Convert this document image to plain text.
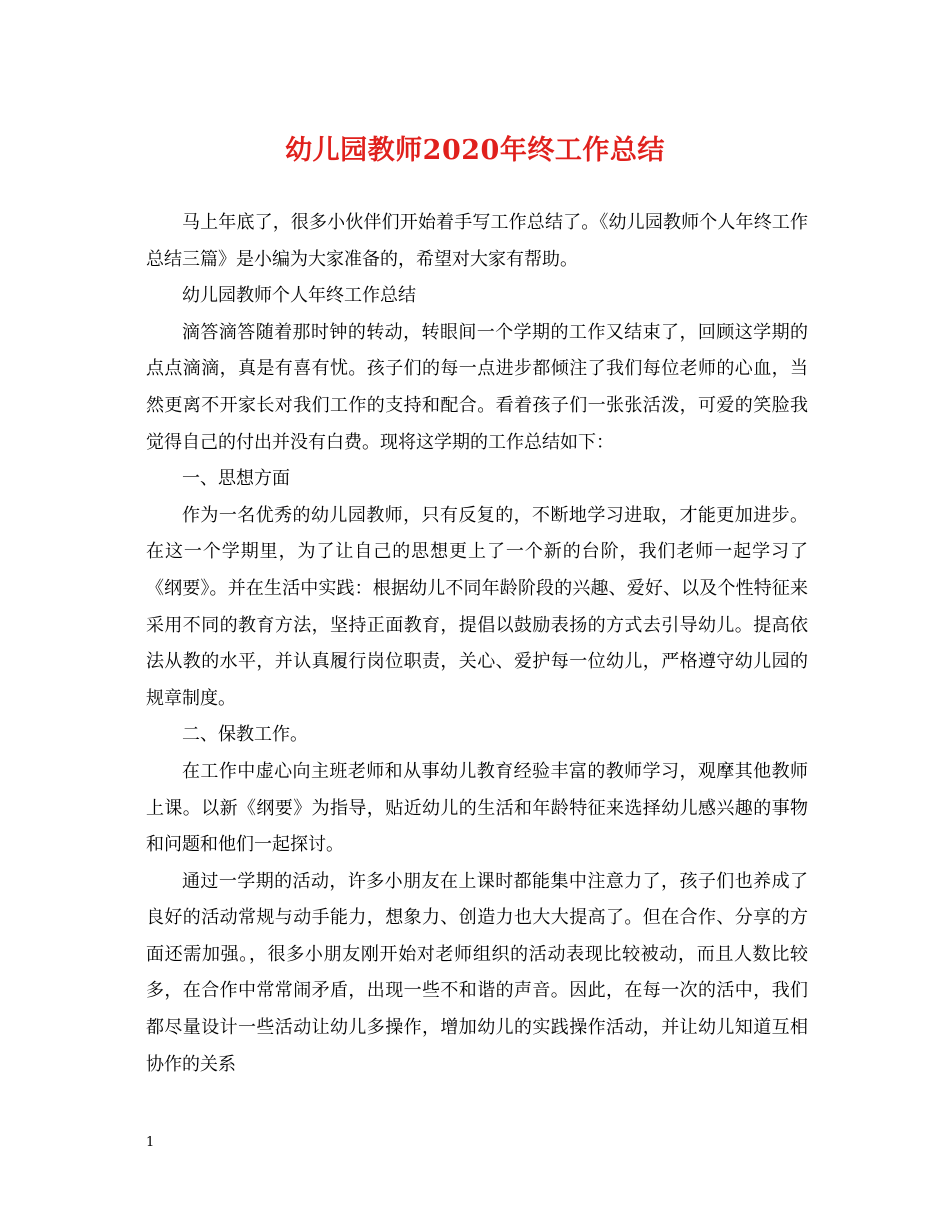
幼儿园教师2020年终工作总结

马上年底了，很多小伙伴们开始着手写工作总结了。《幼儿园教师个人年终工作总结三篇》是小编为大家准备的，希望对大家有帮助。

幼儿园教师个人年终工作总结

滴答滴答随着那时钟的转动，转眼间一个学期的工作又结束了，回顾这学期的点点滴滴，真是有喜有忧。孩子们的每一点进步都倾注了我们每位老师的心血，当然更离不开家长对我们工作的支持和配合。看着孩子们一张张活泼，可爱的笑脸我觉得自己的付出并没有白费。现将这学期的工作总结如下：

一、思想方面

作为一名优秀的幼儿园教师，只有反复的，不断地学习进取，才能更加进步。在这一个学期里，为了让自己的思想更上了一个新的台阶，我们老师一起学习了《纲要》。并在生活中实践：根据幼儿不同年龄阶段的兴趣、爱好、以及个性特征来采用不同的教育方法，坚持正面教育，提倡以鼓励表扬的方式去引导幼儿。提高依法从教的水平，并认真履行岗位职责，关心、爱护每一位幼儿，严格遵守幼儿园的规章制度。

二、保教工作。

在工作中虚心向主班老师和从事幼儿教育经验丰富的教师学习，观摩其他教师上课。以新《纲要》为指导，贴近幼儿的生活和年龄特征来选择幼儿感兴趣的事物和问题和他们一起探讨。

通过一学期的活动，许多小朋友在上课时都能集中注意力了，孩子们也养成了良好的活动常规与动手能力，想象力、创造力也大大提高了。但在合作、分享的方面还需加强。，很多小朋友刚开始对老师组织的活动表现比较被动，而且人数比较多，在合作中常常闹矛盾，出现一些不和谐的声音。因此，在每一次的活中，我们都尽量设计一些活动让幼儿多操作，增加幼儿的实践操作活动，并让幼儿知道互相协作的关系

1
